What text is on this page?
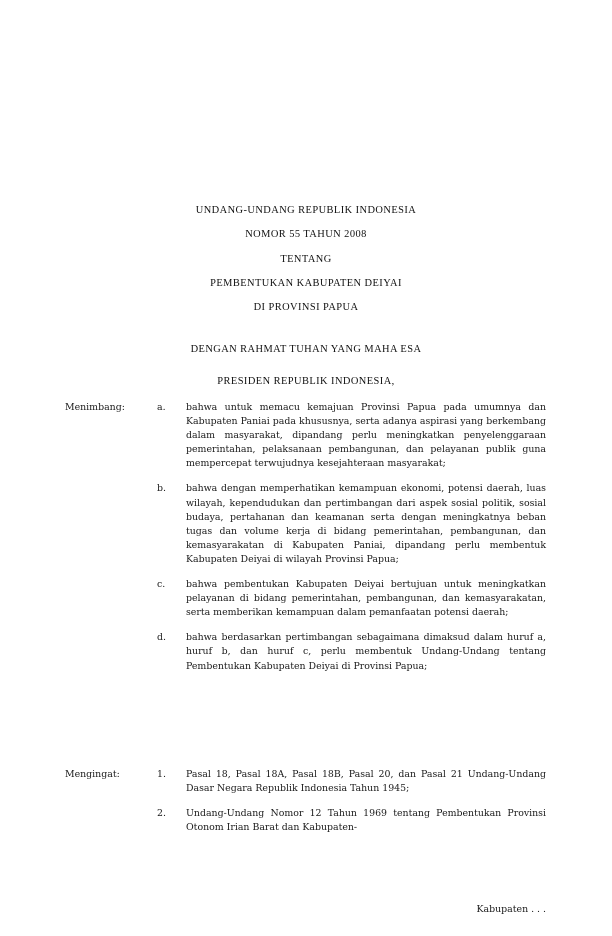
UNDANG-UNDANG REPUBLIK INDONESIA
NOMOR 55 TAHUN 2008
TENTANG
PEMBENTUKAN KABUPATEN DEIYAI
DI PROVINSI PAPUA
DENGAN RAHMAT TUHAN YANG MAHA ESA
PRESIDEN REPUBLIK INDONESIA,
Menimbang:	a.	bahwa untuk memacu kemajuan Provinsi Papua pada umumnya dan Kabupaten Paniai pada khususnya, serta adanya aspirasi yang berkembang dalam masyarakat, dipandang perlu meningkatkan penyelenggaraan pemerintahan, pelaksanaan pembangunan, dan pelayanan publik guna mempercepat terwujudnya kesejahteraan masyarakat;
b.	bahwa dengan memperhatikan kemampuan ekonomi, potensi daerah, luas wilayah, kependudukan dan pertimbangan dari aspek sosial politik, sosial budaya, pertahanan dan keamanan serta dengan meningkatnya beban tugas dan volume kerja di bidang pemerintahan, pembangunan, dan kemasyarakatan di Kabupaten Paniai, dipandang perlu membentuk Kabupaten Deiyai di wilayah Provinsi Papua;
c.	bahwa pembentukan Kabupaten Deiyai bertujuan untuk meningkatkan pelayanan di bidang pemerintahan, pembangunan, dan kemasyarakatan, serta memberikan kemampuan dalam pemanfaatan potensi daerah;
d.	bahwa berdasarkan pertimbangan sebagaimana dimaksud dalam huruf a, huruf b, dan huruf c, perlu membentuk Undang-Undang tentang Pembentukan Kabupaten Deiyai di Provinsi Papua;
Mengingat:	1.	Pasal 18, Pasal 18A, Pasal 18B, Pasal 20, dan Pasal 21 Undang-Undang Dasar Negara Republik Indonesia Tahun 1945;
2.	Undang-Undang Nomor 12 Tahun 1969 tentang Pembentukan Provinsi Otonom Irian Barat dan Kabupaten-
Kabupaten . . .
